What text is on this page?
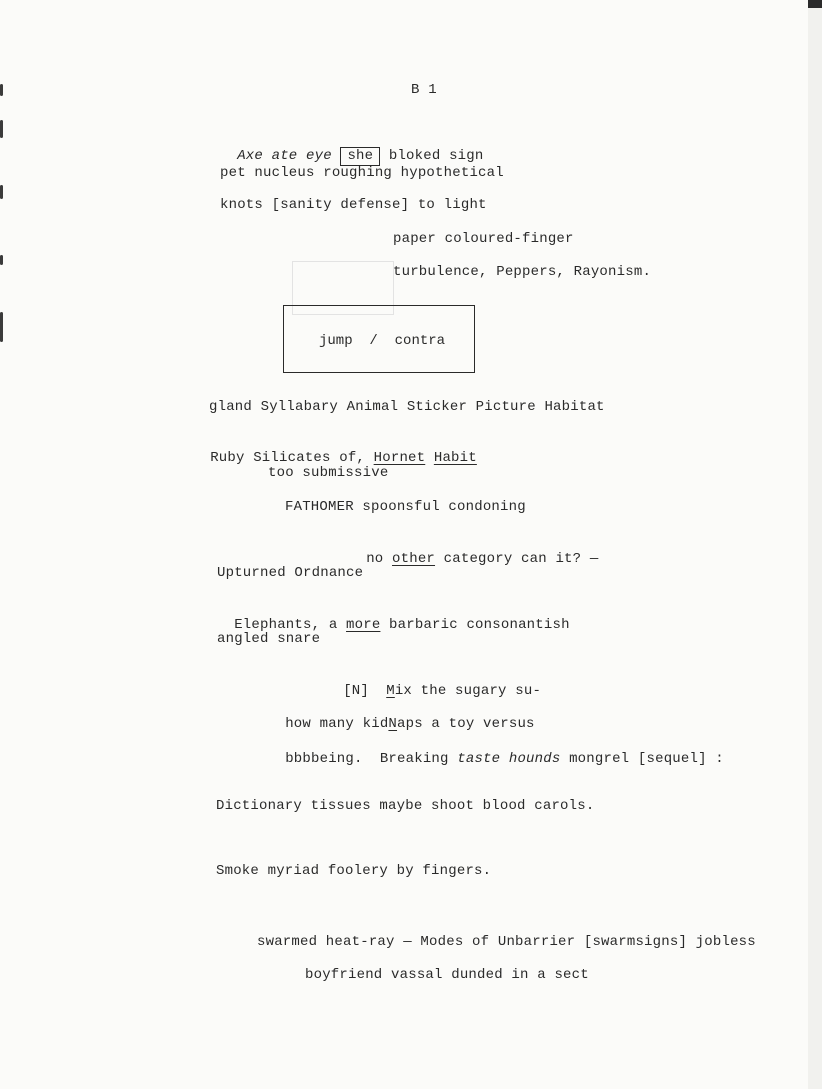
B 1

Axe ate eye she bloked sign

pet nucleus roughing hypothetical
knots [sanity defense] to light
paper coloured-finger
turbulence, Peppers, Rayonism.
jump / contra
gland Syllabary Animal Sticker Picture Habitat

Ruby Silicates of, Hornet Habit

too submissive
FATHOMER spoonsful condoning

no other category can it? —

Upturned Ordnance

Elephants, a more barbaric consonantish

angled snare

[N] Mix the sugary su-

how many kidNaps a toy versus

bbbbeing.  Breaking taste hounds mongrel [sequel] :

Dictionary tissues maybe shoot blood carols.
Smoke myriad foolery by fingers.
swarmed heat-ray — Modes of Unbarrier [swarmsigns] jobless
boyfriend vassal dunded in a sect
